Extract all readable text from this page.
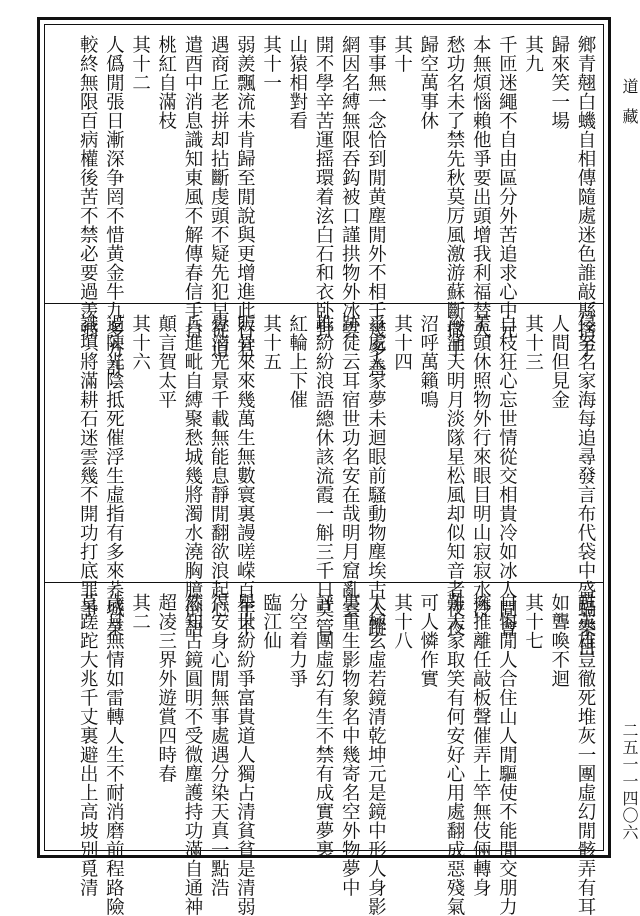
鄉青翹白蟣自相傳隨處迷色誰敲縣捨手
歸來笑一場
其九
千匝迷繩不自由區分外苦追求心中元
本無煩惱賴他爭要出頭增我利福替人
愁功名未了禁先秋莫厉風激游蘇斷撒手
歸空萬事休
其十
事事無一念恰到閒黄塵閒外不相千幾多善
網因名縛無限吞鈎被口謹拱物外冰雲
開不學辛苦運摇環着泫白石和衣卧野
山猿相對看
其十一
弱羨飄流未肯歸至閒說與更增進此行若
遇商丘老拼却拈斷虔頭不疑先犯早從道
遣酉中消息識知東風不解傳春信手自
桃紅自滿枝
其十二
人僞閒張日漸深争罔不惜黄金牛九多方計
較終無限百病權後苦不禁必要過羡翁
侵努名家海每追尋發言布代袋中盛蝸樂目
人間但見金
其十三
自枝狂心忘世情從交相貴冷如冰人間會
蓋頭休照物外行來眼目明山寂寂水冷
冷涌天明月淡隊星松風却似知音者夜夜
沼呼萬籟鳴
其十四
爭處人家夢未迴眼前騷動物塵埃古人蹤
跡徒云耳宿世功名安在哉明月窟亂雲
堆紛紛浪語總休該流霞一斛三千日莫管
紅輪上下催
其十五
販骨來來幾萬生無數寰裏謾嗟嵘百年不
覺消光景千載無能息靜閒翻欲浪起心
兵進毗自縛聚愁城幾將濁水澆胸臆倒語
顛言賀太平
其十六
過陳光陰抵死催浮生虛指有多來荞城業
識填將滿耕石迷雲幾不開功打底罪爭
甦英雄豈徹死堆灰一團虛幻閒骸弄有耳
如聾喚不迴
其十七
自悔閒人合住山人閒驅使不能閒交朋力
擁推離任敲板聲催弄上竿無伎倆轉身
難大家取笑有何安好心用處翻成惡殘氣
可人憐作實
其十八
太極玄虛若鏡清乾坤元是鏡中形人身影
裏重生影物象名中幾寄名空外物夢中
評一團虛幻有生不禁有成實夢裏
分空着力爭
臨江仙
舉世紛紛爭富貴道人獨占清貧貧是清弱
得安身心閒無事處遇分染天真一點浩
然知古鏡圓明不受微塵護持功滿自通神
超凌三界外遊賞四時春
其二
歲月無情如雷轉人生不耐消磨前程路險
莫蹉跎大兆千丈裏避出上高坡别覓清
道藏
二五一一四〇六
